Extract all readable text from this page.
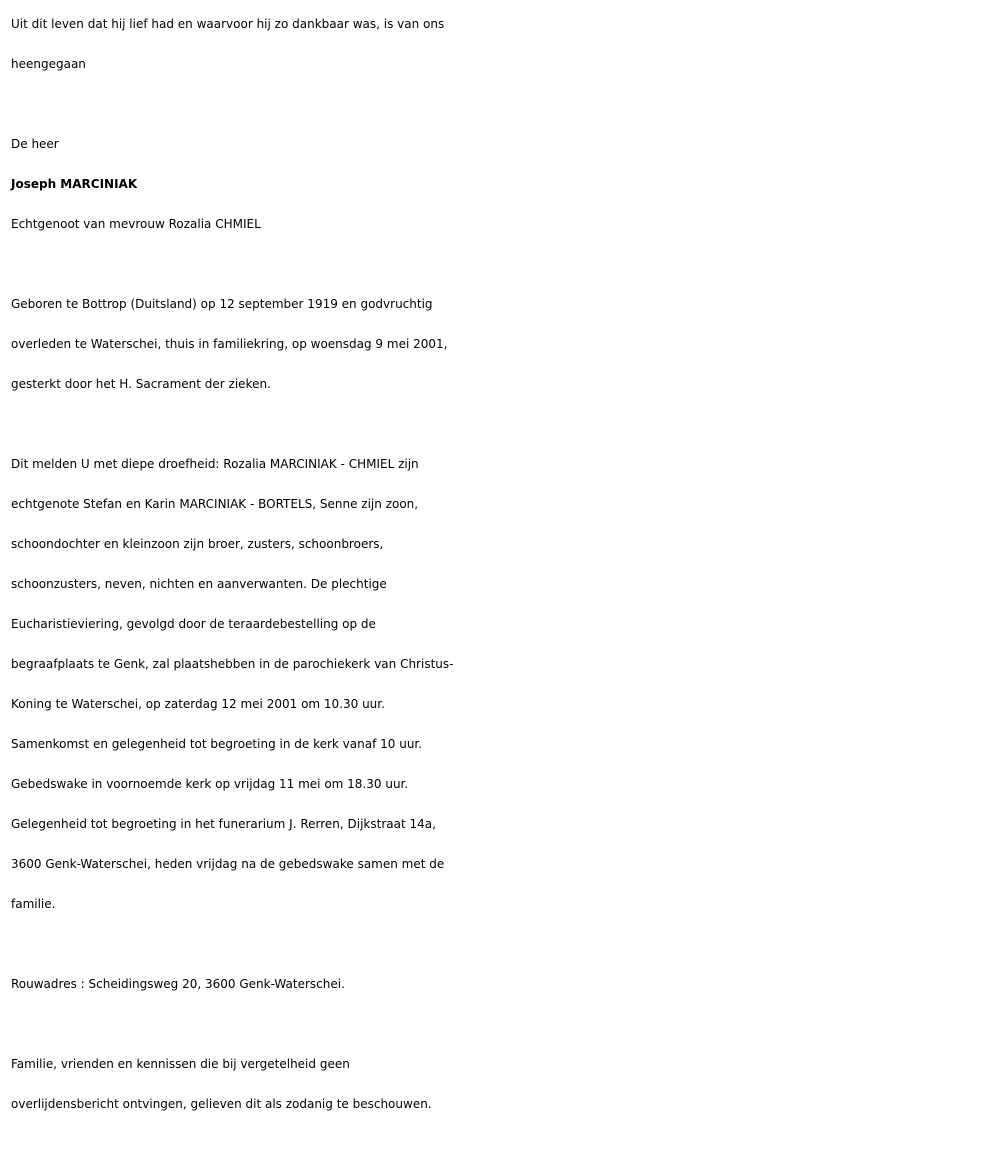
Uit dit leven dat hij lief had en waarvoor hij zo dankbaar was, is van ons

heengegaan

De heer

Joseph MARCINIAK

Echtgenoot van mevrouw Rozalia CHMIEL

Geboren te Bottrop (Duitsland) op 12 september 1919 en godvruchtig

overleden te Waterschei, thuis in familiekring, op woensdag 9 mei 2001,

gesterkt door het H. Sacrament der zieken.

Dit melden U met diepe droefheid: Rozalia MARCINIAK - CHMIEL zijn

echtgenote Stefan en Karin MARCINIAK - BORTELS, Senne zijn zoon,

schoondochter en kleinzoon zijn broer, zusters, schoonbroers,

schoonzusters, neven, nichten en aanverwanten. De plechtige

Eucharistieviering, gevolgd door de teraardebestelling op de

begraafplaats te Genk, zal plaatshebben in de parochiekerk van Christus-

Koning te Waterschei, op zaterdag 12 mei 2001 om 10.30 uur.

Samenkomst en gelegenheid tot begroeting in de kerk vanaf 10 uur.

Gebedswake in voornoemde kerk op vrijdag 11 mei om 18.30 uur.

Gelegenheid tot begroeting in het funerarium J. Rerren, Dijkstraat 14a,

3600 Genk-Waterschei, heden vrijdag na de gebedswake samen met de

familie.

Rouwadres : Scheidingsweg 20, 3600 Genk-Waterschei.

Familie, vrienden en kennissen die bij vergetelheid geen

overlijdensbericht ontvingen, gelieven dit als zodanig te beschouwen.
